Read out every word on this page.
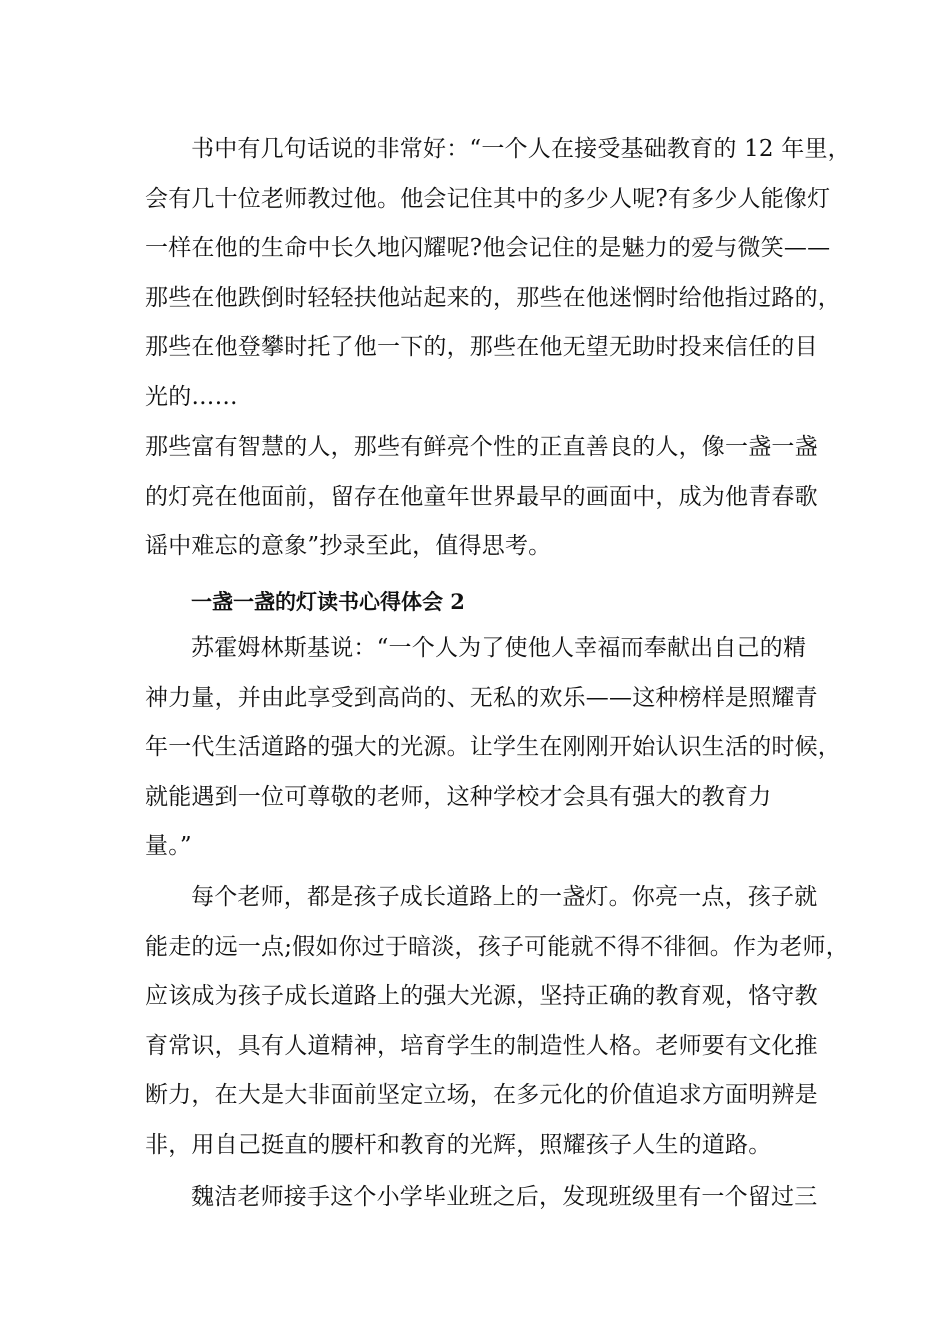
书中有几句话说的非常好：“一个人在接受基础教育的 12 年里，
会有几十位老师教过他。他会记住其中的多少人呢?有多少人能像灯
一样在他的生命中长久地闪耀呢?他会记住的是魅力的爱与微笑——
那些在他跌倒时轻轻扶他站起来的，那些在他迷惘时给他指过路的，
那些在他登攀时托了他一下的，那些在他无望无助时投来信任的目
光的……

那些富有智慧的人，那些有鲜亮个性的正直善良的人，像一盏一盏
的灯亮在他面前，留存在他童年世界最早的画面中，成为他青春歌
谣中难忘的意象”抄录至此，值得思考。

一盏一盏的灯读书心得体会 2

苏霍姆林斯基说：“一个人为了使他人幸福而奉献出自己的精
神力量，并由此享受到高尚的、无私的欢乐——这种榜样是照耀青
年一代生活道路的强大的光源。让学生在刚刚开始认识生活的时候，
就能遇到一位可尊敬的老师，这种学校才会具有强大的教育力
量。”

每个老师，都是孩子成长道路上的一盏灯。你亮一点，孩子就
能走的远一点;假如你过于暗淡，孩子可能就不得不徘徊。作为老师，
应该成为孩子成长道路上的强大光源，坚持正确的教育观，恪守教
育常识，具有人道精神，培育学生的制造性人格。老师要有文化推
断力，在大是大非面前坚定立场，在多元化的价值追求方面明辨是
非，用自己挺直的腰杆和教育的光辉，照耀孩子人生的道路。

魏洁老师接手这个小学毕业班之后，发现班级里有一个留过三
